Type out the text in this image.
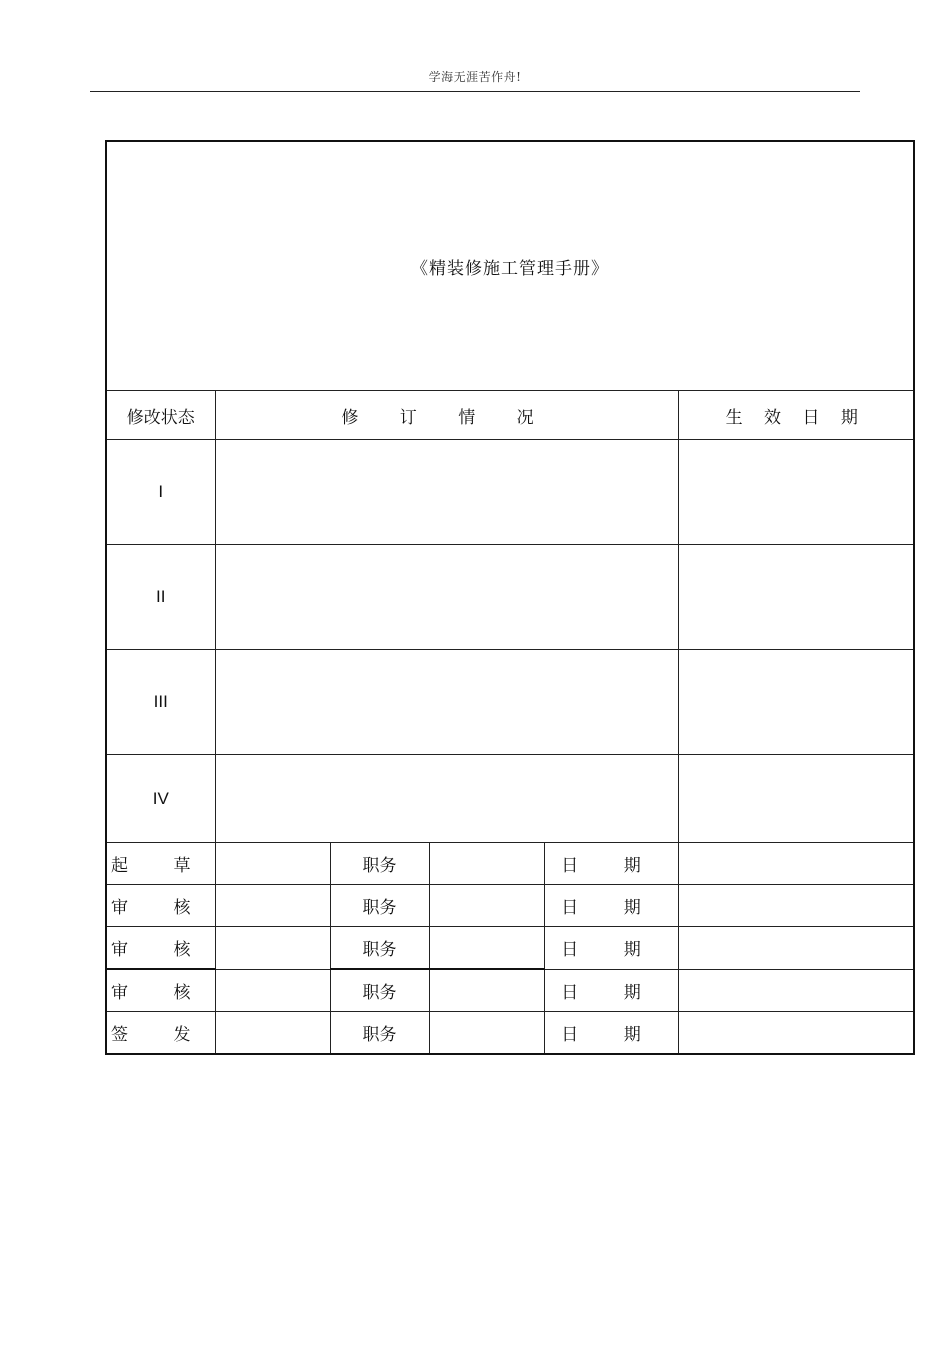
学海无涯苦作舟!
《精装修施工管理手册》					
修改状态	修 订 情 况				生 效 日 期
I					
II					
III					
IV					
起 草		职务		日 期	
审 核		职务		日 期	
审 核		职务		日 期	
审 核		职务		日 期	
签 发		职务		日 期	
